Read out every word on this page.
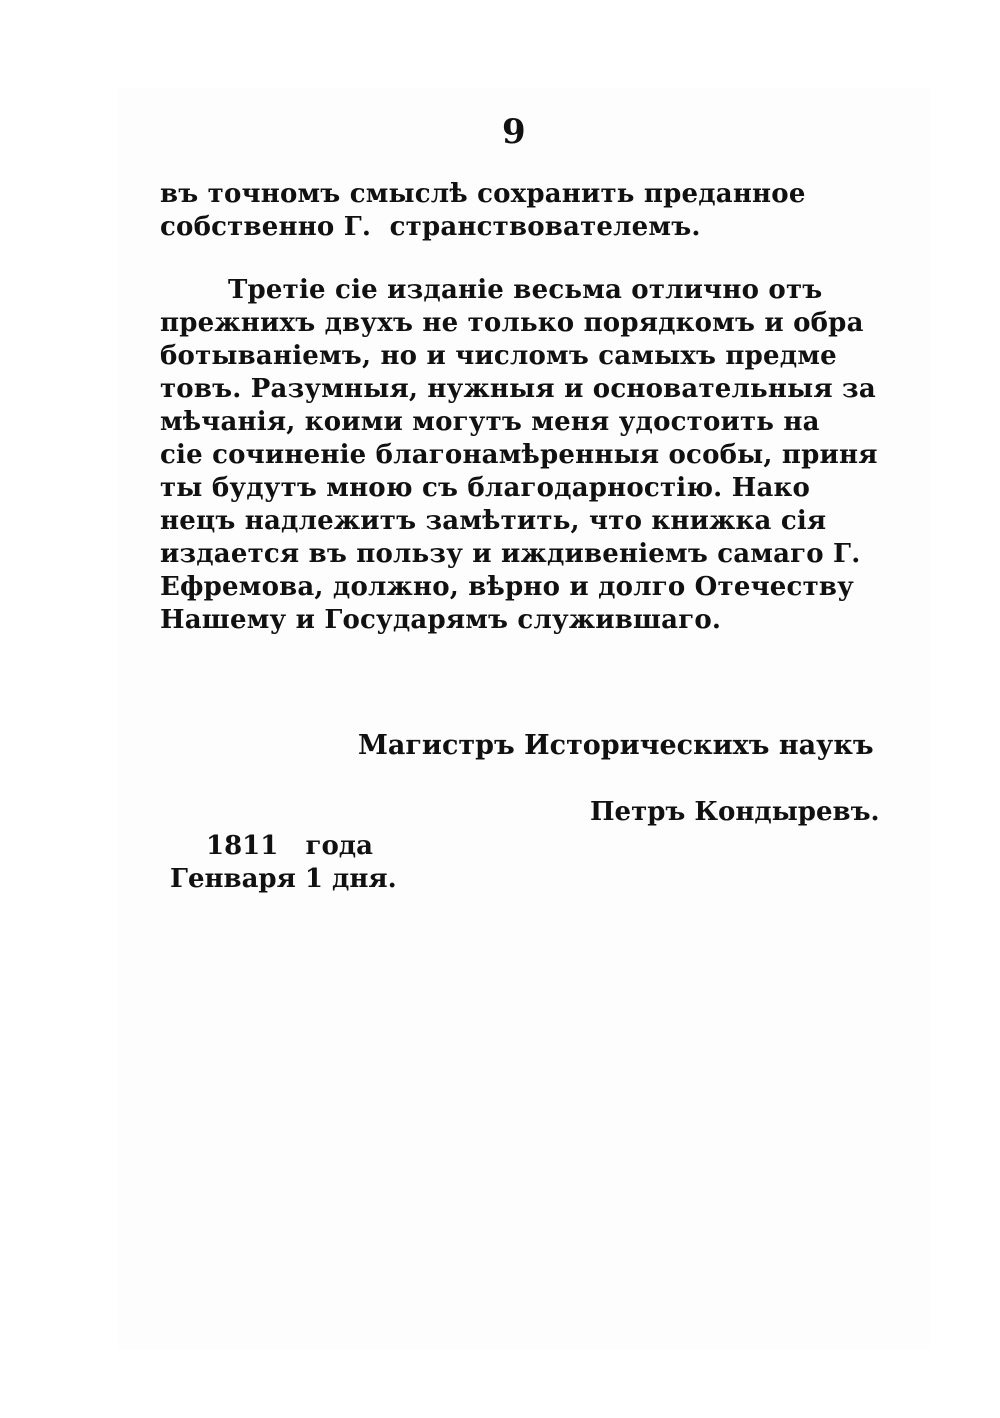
9
въ точномъ смыслѣ сохранить преданное
собственно Г.  странствователемъ.
Третіе сіе изданіе весьма отлично отъ
прежнихъ двухъ не только порядкомъ и обра
ботываніемъ, но и числомъ самыхъ предме
товъ. Разумныя, нужныя и основательныя за
мѣчанія, коими могутъ меня удостоить на
сіе сочиненіе благонамѣренныя особы, приня
ты будутъ мною съ благодарностію. Нако
нецъ надлежитъ замѣтить, что книжка сія
издается въ пользу и иждивеніемъ самаго Г.
Ефремова, должно, вѣрно и долго Отечеству
Нашему и Государямъ служившаго.
Магистръ Историческихъ наукъ
Петръ Кондыревъ.
1811   года
Генваря 1 дня.
